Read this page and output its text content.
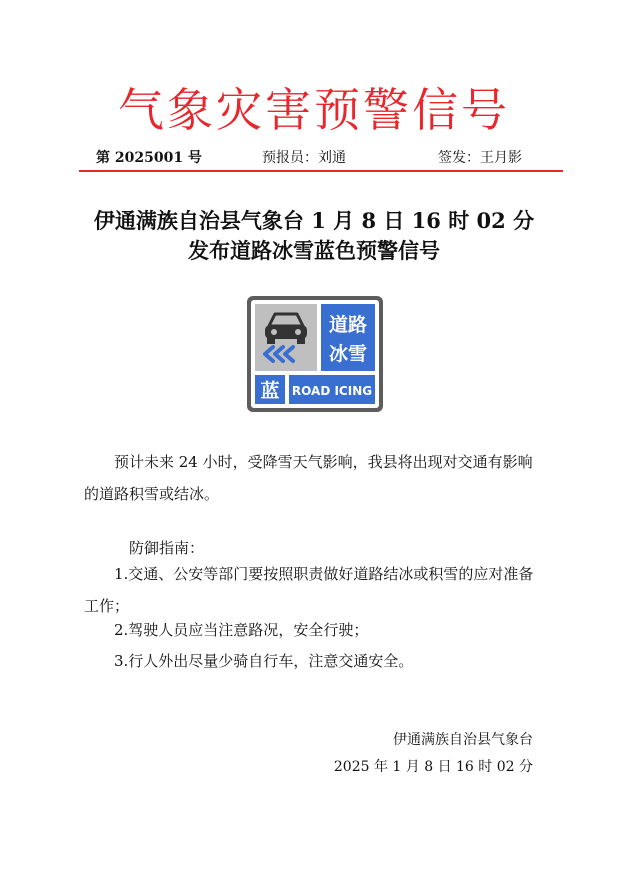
气象灾害预警信号
第 2025001 号	预报员：刘通	签发：王月影
伊通满族自治县气象台 1 月 8 日 16 时 02 分
发布道路冰雪蓝色预警信号
道路
冰雪
蓝 ROAD ICING

预计未来 24 小时，受降雪天气影响，我县将出现对交通有影响的道路积雪或结冰。

防御指南：

1.交通、公安等部门要按照职责做好道路结冰或积雪的应对准备工作；

2.驾驶人员应当注意路况，安全行驶；

3.行人外出尽量少骑自行车，注意交通安全。

伊通满族自治县气象台
2025 年 1 月 8 日 16 时 02 分
